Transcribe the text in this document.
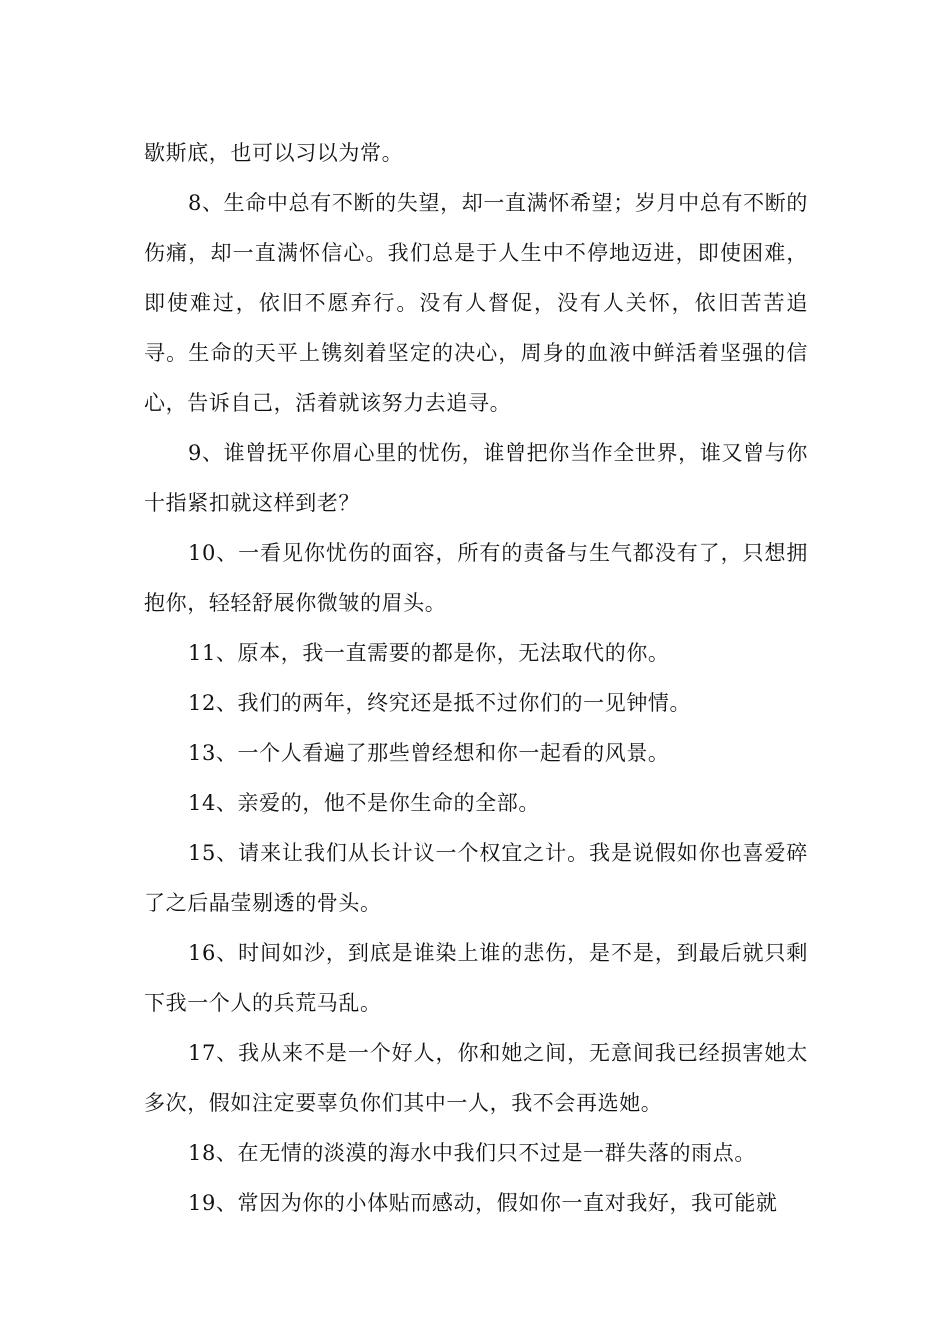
歇斯底，也可以习以为常。

8、生命中总有不断的失望，却一直满怀希望；岁月中总有不断的伤痛，却一直满怀信心。我们总是于人生中不停地迈进，即使困难，即使难过，依旧不愿弃行。没有人督促，没有人关怀，依旧苦苦追寻。生命的天平上镌刻着坚定的决心，周身的血液中鲜活着坚强的信心，告诉自己，活着就该努力去追寻。

9、谁曾抚平你眉心里的忧伤，谁曾把你当作全世界，谁又曾与你十指紧扣就这样到老？

10、一看见你忧伤的面容，所有的责备与生气都没有了，只想拥抱你，轻轻舒展你微皱的眉头。

11、原本，我一直需要的都是你，无法取代的你。

12、我们的两年，终究还是抵不过你们的一见钟情。

13、一个人看遍了那些曾经想和你一起看的风景。

14、亲爱的，他不是你生命的全部。

15、请来让我们从长计议一个权宜之计。我是说假如你也喜爱碎了之后晶莹剔透的骨头。

16、时间如沙，到底是谁染上谁的悲伤，是不是，到最后就只剩下我一个人的兵荒马乱。

17、我从来不是一个好人，你和她之间，无意间我已经损害她太多次，假如注定要辜负你们其中一人，我不会再选她。

18、在无情的淡漠的海水中我们只不过是一群失落的雨点。

19、常因为你的小体贴而感动，假如你一直对我好，我可能就
